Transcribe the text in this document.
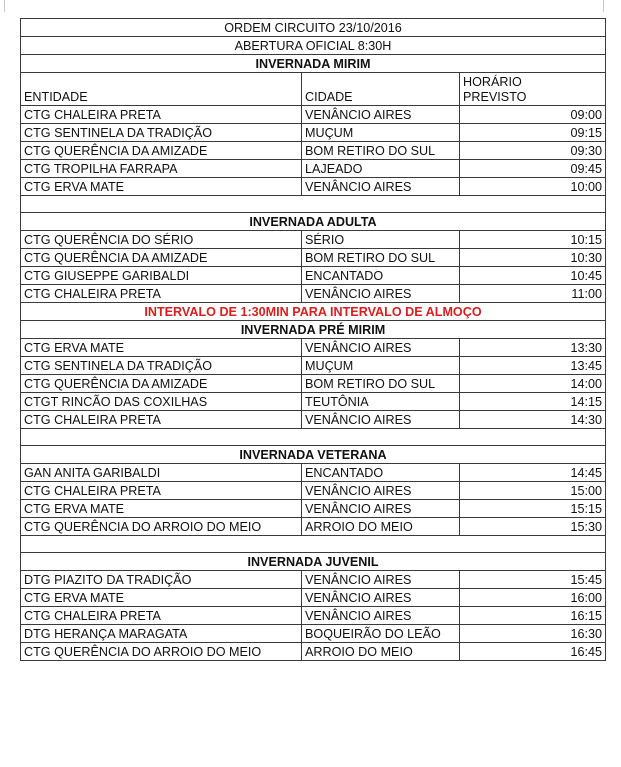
ORDEM CIRCUITO 23/10/2016		
ABERTURA OFICIAL 8:30H		
INVERNADA MIRIM		
ENTIDADE	CIDADE	HORÁRIO
PREVISTO

CTG CHALEIRA PRETA	VENÂNCIO AIRES	09:00
CTG SENTINELA DA TRADIÇÃO	MUÇUM	09:15
CTG QUERÊNCIA DA AMIZADE	BOM RETIRO DO SUL	09:30
CTG TROPILHA FARRAPA	LAJEADO	09:45
CTG ERVA MATE	VENÂNCIO AIRES	10:00

INVERNADA ADULTA		
CTG QUERÊNCIA DO SÉRIO	SÉRIO	10:15
CTG QUERÊNCIA DA AMIZADE	BOM RETIRO DO SUL	10:30
CTG GIUSEPPE GARIBALDI	ENCANTADO	10:45
CTG CHALEIRA PRETA	VENÂNCIO AIRES	11:00
INTERVALO DE 1:30MIN PARA INTERVALO DE ALMOÇO		
INVERNADA PRÉ MIRIM		
CTG ERVA MATE	VENÂNCIO AIRES	13:30
CTG SENTINELA DA TRADIÇÃO	MUÇUM	13:45
CTG QUERÊNCIA DA AMIZADE	BOM RETIRO DO SUL	14:00
CTGT RINCÃO DAS COXILHAS	TEUTÔNIA	14:15
CTG CHALEIRA PRETA	VENÂNCIO AIRES	14:30

INVERNADA VETERANA		
GAN ANITA GARIBALDI	ENCANTADO	14:45
CTG CHALEIRA PRETA	VENÂNCIO AIRES	15:00
CTG ERVA MATE	VENÂNCIO AIRES	15:15
CTG QUERÊNCIA DO ARROIO DO MEIO	ARROIO DO MEIO	15:30

INVERNADA JUVENIL		
DTG PIAZITO DA TRADIÇÃO	VENÂNCIO AIRES	15:45
CTG ERVA MATE	VENÂNCIO AIRES	16:00
CTG CHALEIRA PRETA	VENÂNCIO AIRES	16:15
DTG HERANÇA MARAGATA	BOQUEIRÃO DO LEÃO	16:30
CTG QUERÊNCIA DO ARROIO DO MEIO	ARROIO DO MEIO	16:45
